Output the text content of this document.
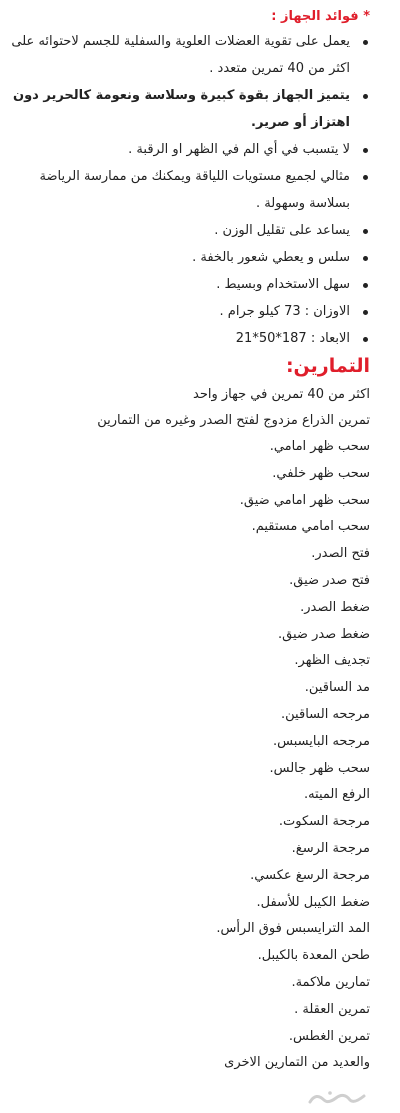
* فوائد الجهاز :
يعمل على تقوية العضلات العلوية والسفلية للجسم لاحتوائه على اكثر من 40 تمرين متعدد .
يتميز الجهاز بقوة كبيرة وسلاسة ونعومة كالحرير دون اهتزاز أو صرير.
لا يتسبب في أي الم في الظهر او الرقبة .
مثالي لجميع مستويات اللياقة ويمكنك من ممارسة الرياضة بسلاسة وسهولة .
يساعد على تقليل الوزن .
سلس و يعطي شعور بالخفة .
سهل الاستخدام وبسيط .
الاوزان : 73 كيلو جرام .
الابعاد : 187*50*21
التمارين:
اكثر من 40 تمرين في جهاز واحد
تمرين الذراع مزدوج لفتح الصدر وغيره من التمارين
سحب ظهر امامي.
سحب ظهر خلفي.
سحب ظهر امامي ضيق.
سحب امامي مستقيم.
فتح الصدر.
فتح صدر ضيق.
ضغط الصدر.
ضغط صدر ضيق.
تجديف الظهر.
مد الساقين.
مرجحه الساقين.
مرجحه البايسبس.
سحب ظهر جالس.
الرفع الميته.
مرجحة السكوت.
مرجحة الرسغ.
مرجحة الرسغ عكسي.
ضغط الكيبل للأسفل.
المد الترايسبس فوق الرأس.
طحن المعدة بالكيبل.
تمارين ملاكمة.
تمرين العقلة .
تمرين الغطس.
والعديد من التمارين الاخرى
